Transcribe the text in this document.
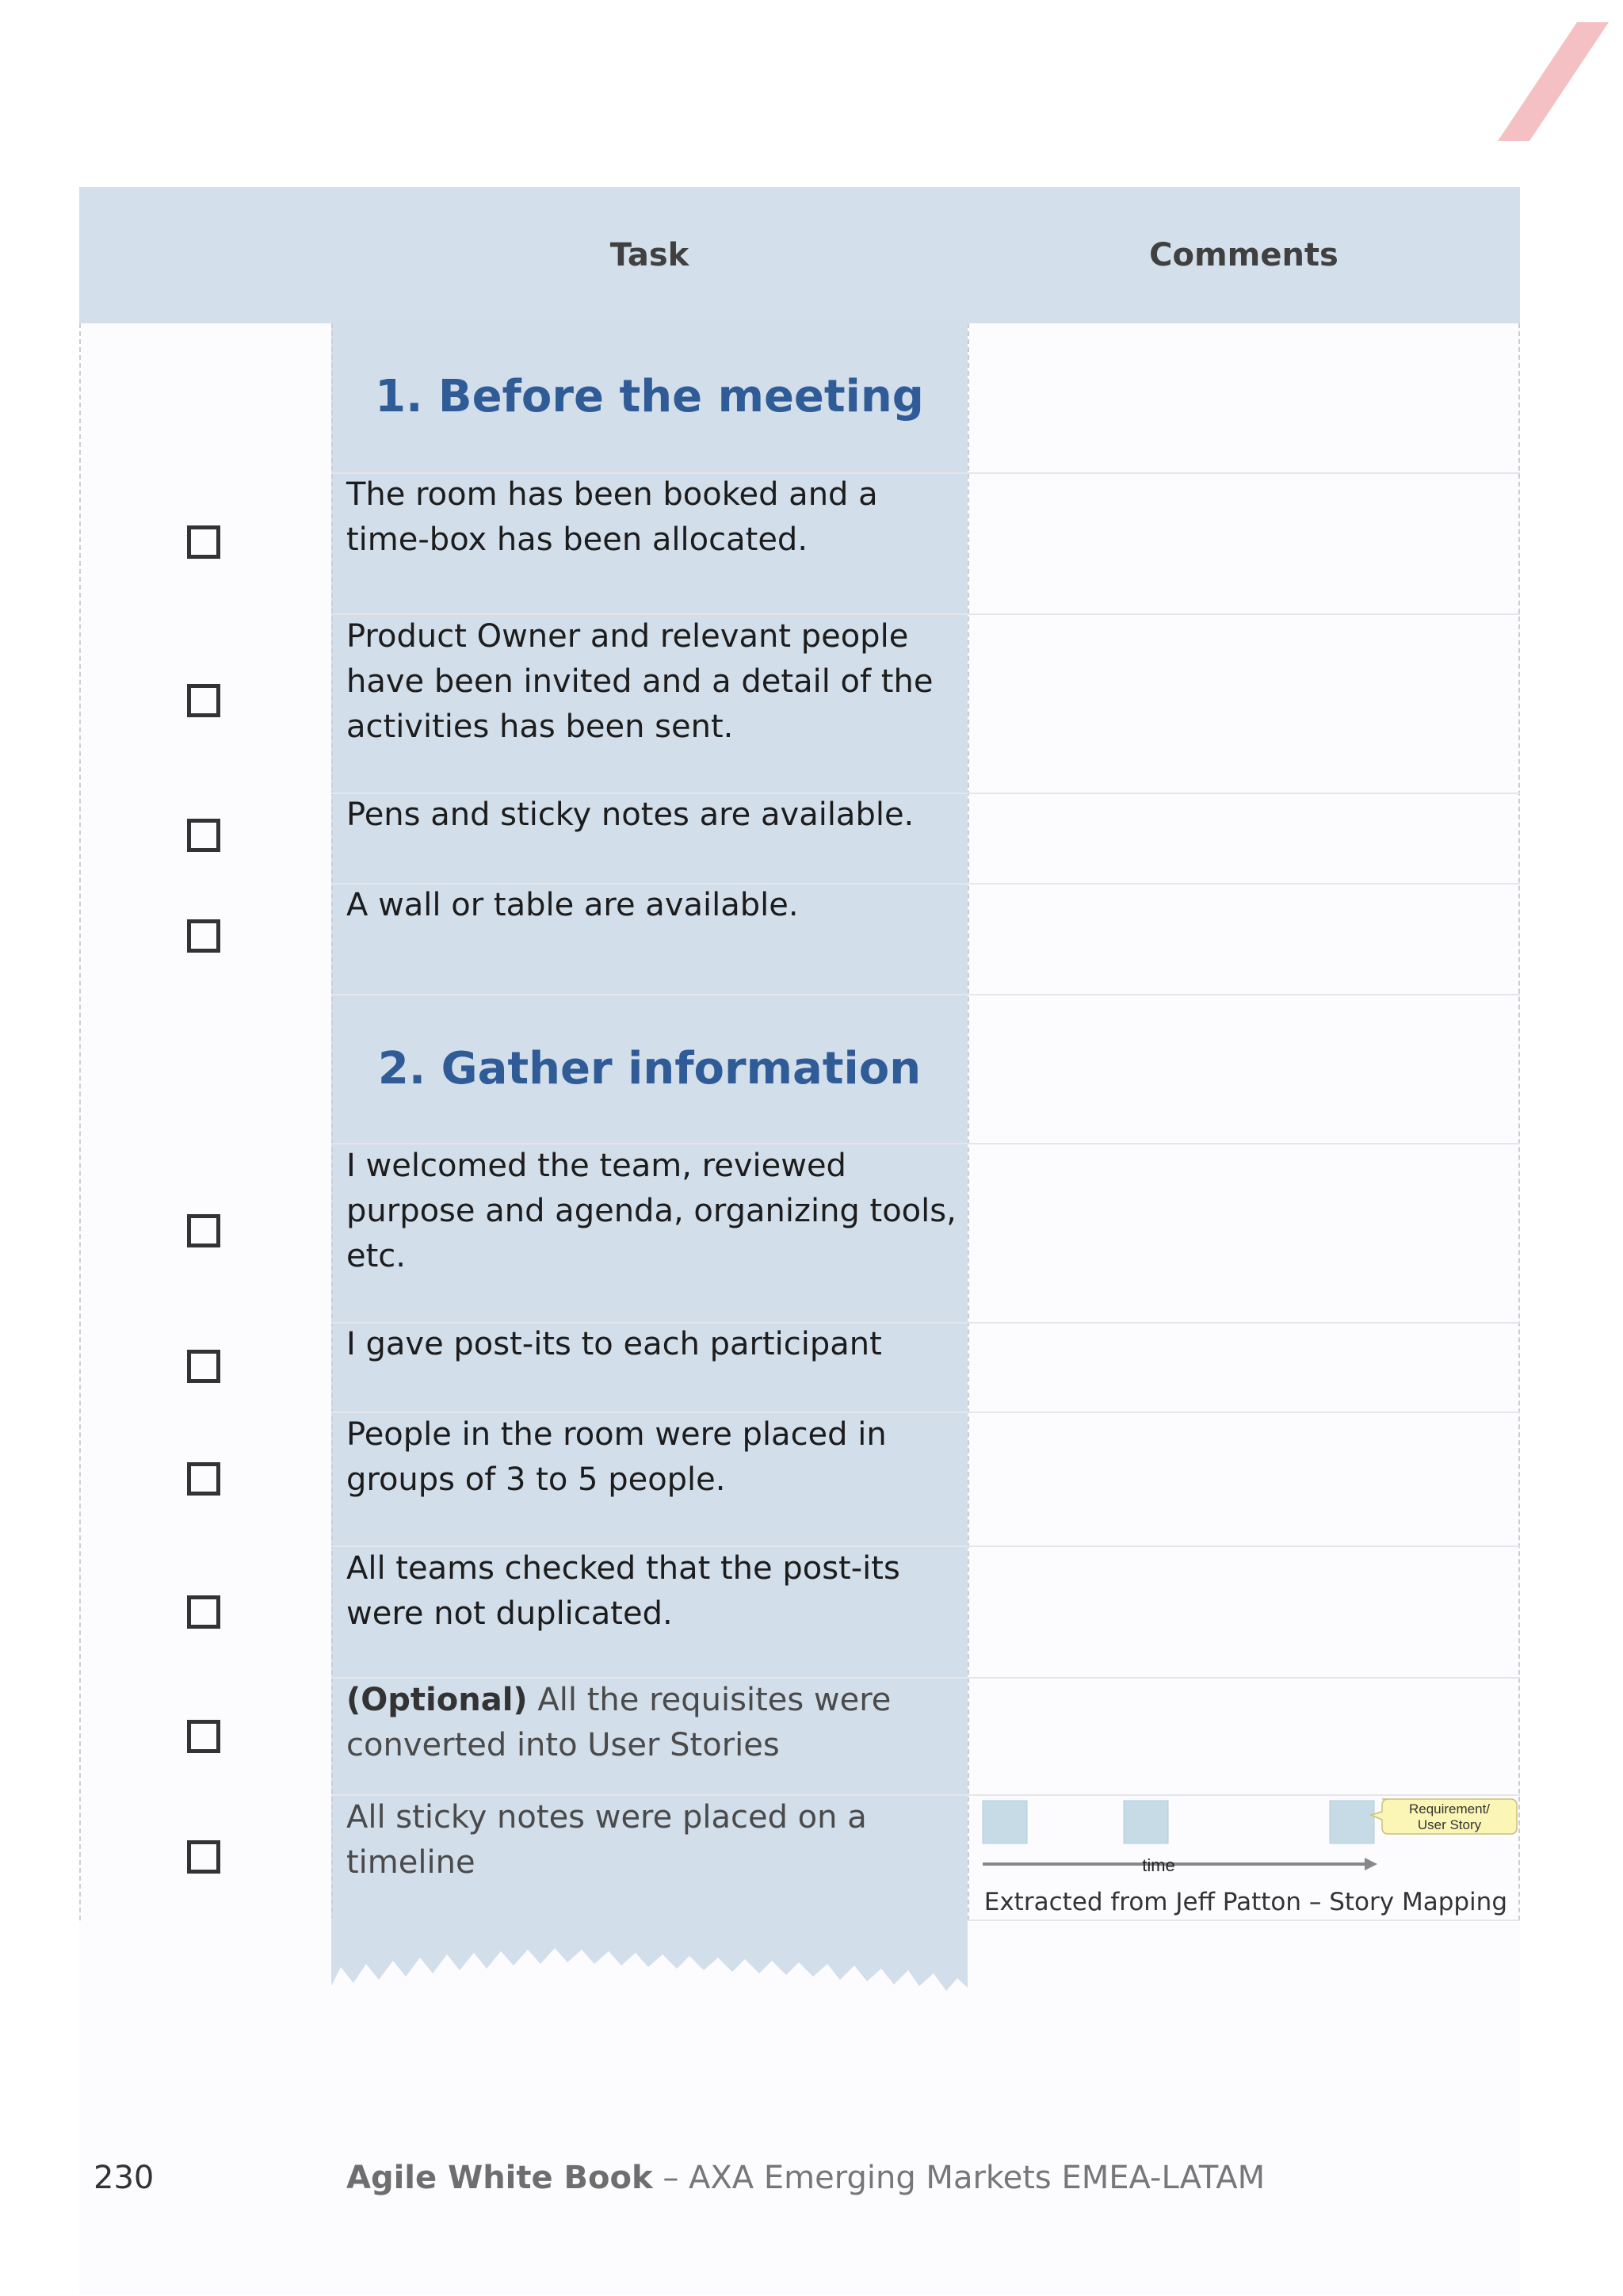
Task	Comments
1. Before the meeting
The room has been booked and a time-box has been allocated.
Product Owner and relevant people have been invited and a detail of the activities has been sent.
Pens and sticky notes are available.
A wall or table are available.
2. Gather information
I welcomed the team, reviewed purpose and agenda, organizing tools, etc.
I gave post-its to each participant
People in the room were placed in groups of 3 to 5 people.
All teams checked that the post-its were not duplicated.
(Optional) All the requisites were converted into User Stories
All sticky notes were placed on a timeline
Requirement/
User Story
time
Extracted from Jeff Patton – Story Mapping
230	Agile White Book – AXA Emerging Markets EMEA-LATAM
